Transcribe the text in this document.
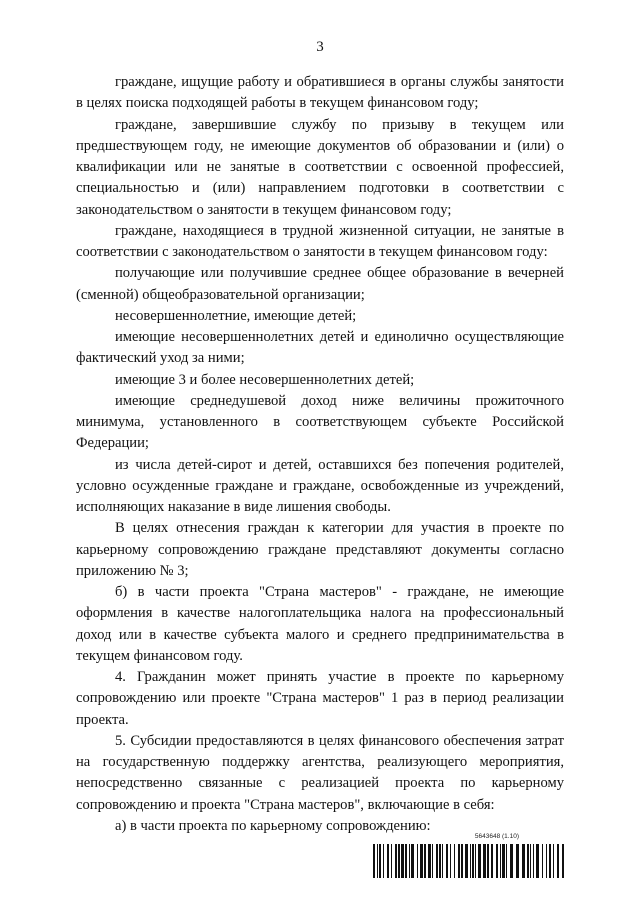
3

граждане, ищущие работу и обратившиеся в органы службы занятости в целях поиска подходящей работы в текущем финансовом году;

граждане, завершившие службу по призыву в текущем или предшествующем году, не имеющие документов об образовании и (или) о квалификации или не занятые в соответствии с освоенной профессией, специальностью и (или) направлением подготовки в соответствии с законодательством о занятости в текущем финансовом году;

граждане, находящиеся в трудной жизненной ситуации, не занятые в соответствии с законодательством о занятости в текущем финансовом году:

получающие или получившие среднее общее образование в вечерней (сменной) общеобразовательной организации;

несовершеннолетние, имеющие детей;

имеющие несовершеннолетних детей и единолично осуществляющие фактический уход за ними;

имеющие 3 и более несовершеннолетних детей;

имеющие среднедушевой доход ниже величины прожиточного минимума, установленного в соответствующем субъекте Российской Федерации;

из числа детей-сирот и детей, оставшихся без попечения родителей, условно осужденные граждане и граждане, освобожденные из учреждений, исполняющих наказание в виде лишения свободы.

В целях отнесения граждан к категории для участия в проекте по карьерному сопровождению граждане представляют документы согласно приложению № 3;

б) в части проекта "Страна мастеров" - граждане, не имеющие оформления в качестве налогоплательщика налога на профессиональный доход или в качестве субъекта малого и среднего предпринимательства в текущем финансовом году.

4. Гражданин может принять участие в проекте по карьерному сопровождению или проекте "Страна мастеров" 1 раз в период реализации проекта.

5. Субсидии предоставляются в целях финансового обеспечения затрат на государственную поддержку агентства, реализующего мероприятия, непосредственно связанные с реализацией проекта по карьерному сопровождению и проекта "Страна мастеров", включающие в себя:

а) в части проекта по карьерному сопровождению:

5643648 (1.10)
